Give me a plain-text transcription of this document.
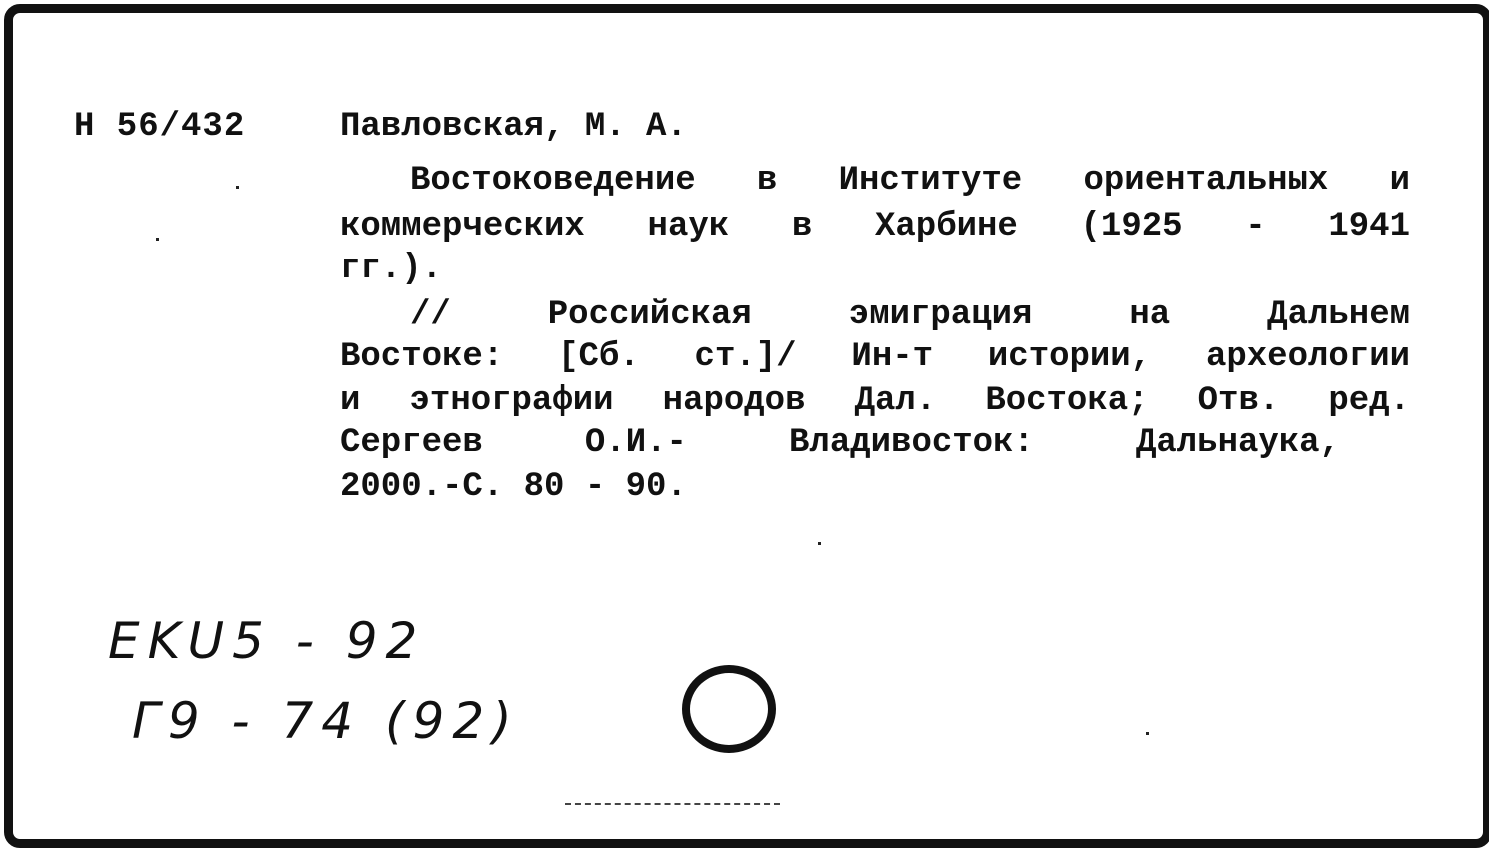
Н 56/432	Павловская, М. А.
Востоковедение в Институте ориентальных и
коммерческих наук в Харбине (1925 - 1941
гг.).
// Российская эмиграция на Дальнем
Востоке: [Сб. ст.]/ Ин-т истории, археологии
и этнографии народов Дал. Востока; Отв. ред.
Сергеев О.И.- Владивосток: Дальнаука,
2000.-С. 80 - 90.
EKU5 - 92
Г9 - 74 (92)
